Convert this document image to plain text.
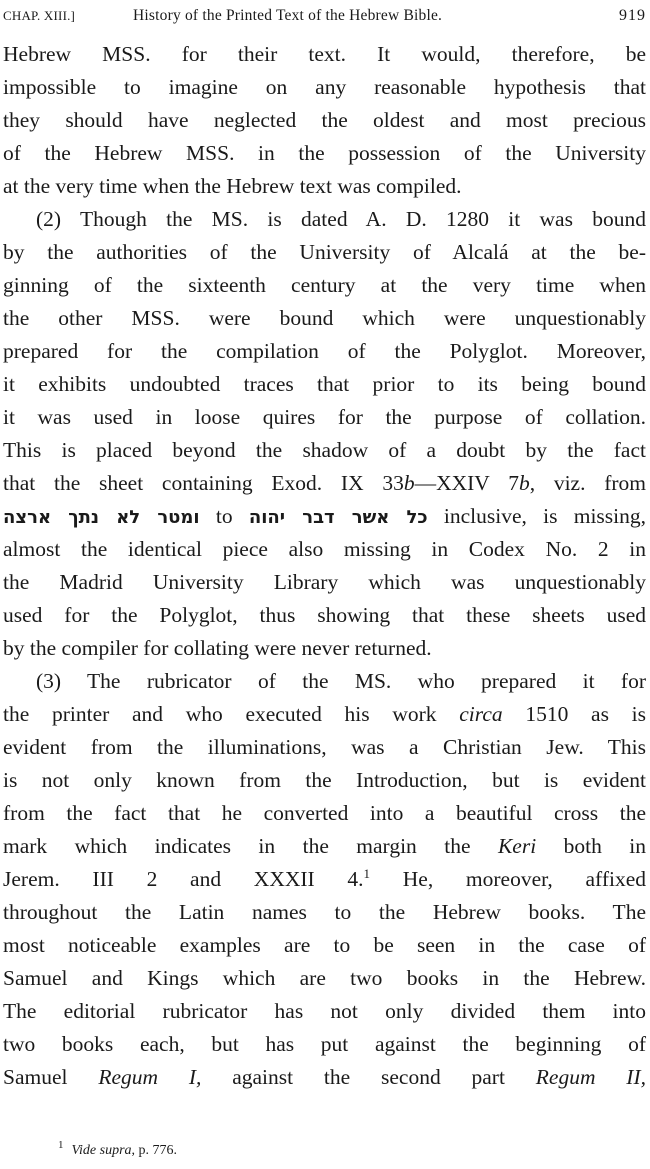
CHAP. XIII.]	History of the Printed Text of the Hebrew Bible.	919
Hebrew MSS. for their text. It would, therefore, be
impossible to imagine on any reasonable hypothesis that
they should have neglected the oldest and most precious
of the Hebrew MSS. in the possession of the University
at the very time when the Hebrew text was compiled.
(2) Though the MS. is dated A. D. 1280 it was bound
by the authorities of the University of Alcalá at the be-
ginning of the sixteenth century at the very time when
the other MSS. were bound which were unquestionably
prepared for the compilation of the Polyglot. Moreover,
it exhibits undoubted traces that prior to its being bound
it was used in loose quires for the purpose of collation.
This is placed beyond the shadow of a doubt by the fact
that the sheet containing Exod. IX 33b—XXIV 7b, viz. from
ומטר לא נתך ארצה to כל אשר דבר יהוה inclusive, is missing,
almost the identical piece also missing in Codex No. 2 in
the Madrid University Library which was unquestionably
used for the Polyglot, thus showing that these sheets used
by the compiler for collating were never returned.
(3) The rubricator of the MS. who prepared it for
the printer and who executed his work circa 1510 as is
evident from the illuminations, was a Christian Jew. This
is not only known from the Introduction, but is evident
from the fact that he converted into a beautiful cross the
mark which indicates in the margin the Keri both in
Jerem. III 2 and XXXII 4.$^1$ He, moreover, affixed
throughout the Latin names to the Hebrew books. The
most noticeable examples are to be seen in the case of
Samuel and Kings which are two books in the Hebrew.
The editorial rubricator has not only divided them into
two books each, but has put against the beginning of
Samuel Regum I, against the second part Regum II,
$^1$ Vide supra, p. 776.
